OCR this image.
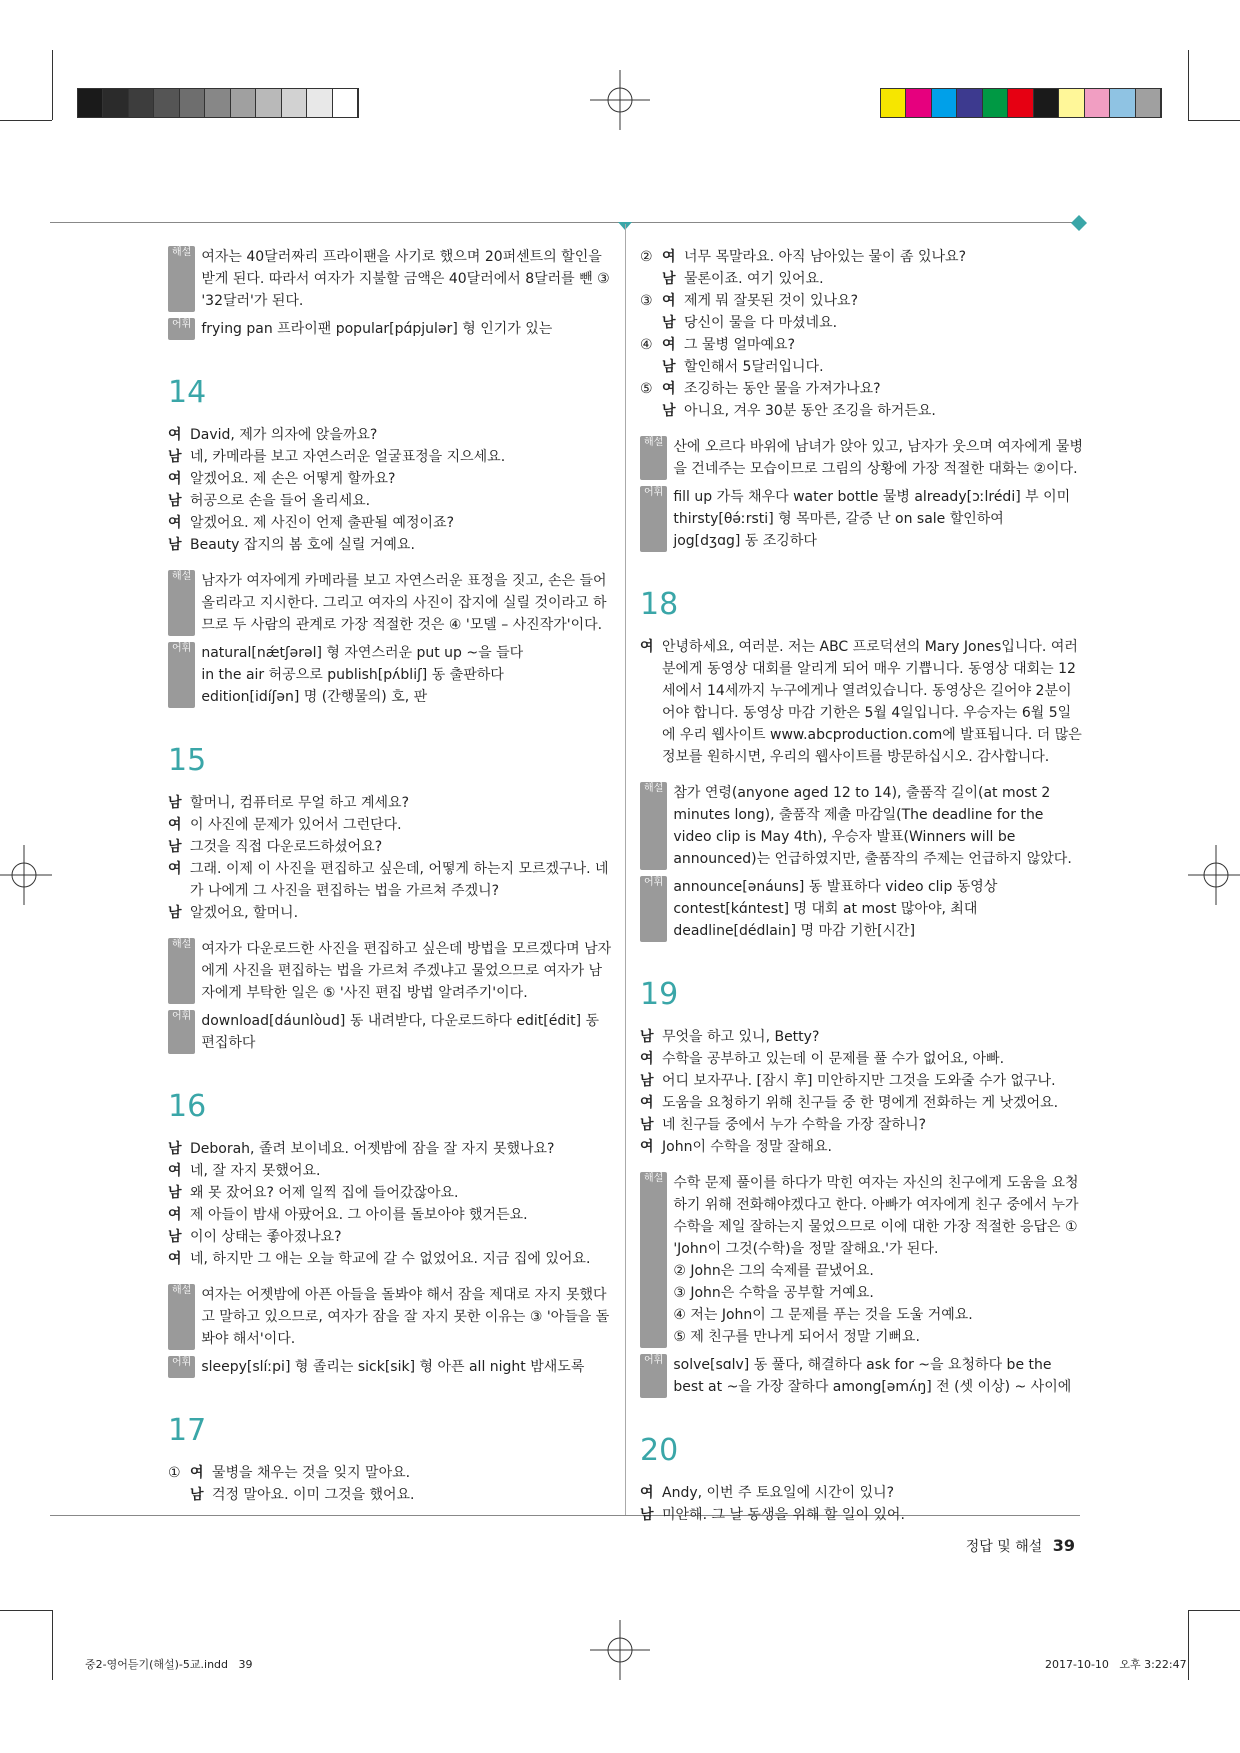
해설 여자는 40달러짜리 프라이팬을 사기로 했으며 20퍼센트의 할인을 받게 된다. 따라서 여자가 지불할 금액은 40달러에서 8달러를 뺀 ③ '32달러'가 된다.

어휘 frying pan 프라이팬 popular[pɑ́pjulər] 형 인기가 있는

14

여 David, 제가 의자에 앉을까요?
남 네, 카메라를 보고 자연스러운 얼굴표정을 지으세요.
여 알겠어요. 제 손은 어떻게 할까요?
남 허공으로 손을 들어 올리세요.
여 알겠어요. 제 사진이 언제 출판될 예정이죠?
남 Beauty 잡지의 봄 호에 실릴 거예요.
해설 남자가 여자에게 카메라를 보고 자연스러운 표정을 짓고, 손은 들어 올리라고 지시한다. 그리고 여자의 사진이 잡지에 실릴 것이라고 하므로 두 사람의 관계로 가장 적절한 것은 ④ '모델 – 사진작가'이다.

어휘 natural[nǽtʃərəl] 형 자연스러운 put up ~을 들다

in the air 허공으로 publish[pʌ́bliʃ] 동 출판하다

edition[idíʃən] 명 (간행물의) 호, 판

15

남 할머니, 컴퓨터로 무얼 하고 계세요?
여 이 사진에 문제가 있어서 그런단다.
남 그것을 직접 다운로드하셨어요?
여 그래. 이제 이 사진을 편집하고 싶은데, 어떻게 하는지 모르겠구나. 네가 나에게 그 사진을 편집하는 법을 가르쳐 주겠니?
남 알겠어요, 할머니.
해설 여자가 다운로드한 사진을 편집하고 싶은데 방법을 모르겠다며 남자에게 사진을 편집하는 법을 가르쳐 주겠냐고 물었으므로 여자가 남자에게 부탁한 일은 ⑤ '사진 편집 방법 알려주기'이다.

어휘 download[dáunlòud] 동 내려받다, 다운로드하다 edit[édit] 동

편집하다

16

남 Deborah, 졸려 보이네요. 어젯밤에 잠을 잘 자지 못했나요?
여 네, 잘 자지 못했어요.
남 왜 못 잤어요? 어제 일찍 집에 들어갔잖아요.
여 제 아들이 밤새 아팠어요. 그 아이를 돌보아야 했거든요.
남 이이 상태는 좋아졌나요?
여 네, 하지만 그 애는 오늘 학교에 갈 수 없었어요. 지금 집에 있어요.
해설 여자는 어젯밤에 아픈 아들을 돌봐야 해서 잠을 제대로 자지 못했다고 말하고 있으므로, 여자가 잠을 잘 자지 못한 이유는 ③ '아들을 돌봐야 해서'이다.

어휘 sleepy[slíːpi] 형 졸리는 sick[sik] 형 아픈 all night 밤새도록

17

① 여 물병을 채우는 것을 잊지 말아요.
남 걱정 말아요. 이미 그것을 했어요.
② 여 너무 목말라요. 아직 남아있는 물이 좀 있나요?
남 물론이죠. 여기 있어요.
③ 여 제게 뭐 잘못된 것이 있나요?
남 당신이 물을 다 마셨네요.
④ 여 그 물병 얼마예요?
남 할인해서 5달러입니다.
⑤ 여 조깅하는 동안 물을 가져가나요?
남 아니요, 겨우 30분 동안 조깅을 하거든요.
해설 산에 오르다 바위에 남녀가 앉아 있고, 남자가 웃으며 여자에게 물병을 건네주는 모습이므로 그림의 상황에 가장 적절한 대화는 ②이다.

어휘 fill up 가득 채우다 water bottle 물병 already[ɔːlrédi] 부 이미

thirsty[θə́ːrsti] 형 목마른, 갈증 난 on sale 할인하여

jog[dʒɑg] 동 조깅하다

18

여 안녕하세요, 여러분. 저는 ABC 프로덕션의 Mary Jones입니다. 여러분에게 동영상 대회를 알리게 되어 매우 기쁩니다. 동영상 대회는 12세에서 14세까지 누구에게나 열려있습니다. 동영상은 길어야 2분이어야 합니다. 동영상 마감 기한은 5월 4일입니다. 우승자는 6월 5일에 우리 웹사이트 www.abcproduction.com에 발표됩니다. 더 많은 정보를 원하시면, 우리의 웹사이트를 방문하십시오. 감사합니다.
해설 참가 연령(anyone aged 12 to 14), 출품작 길이(at most 2 minutes long), 출품작 제출 마감일(The deadline for the video clip is May 4th), 우승자 발표(Winners will be announced)는 언급하였지만, 출품작의 주제는 언급하지 않았다.

어휘 announce[ənáuns] 동 발표하다 video clip 동영상

contest[kɑ́ntest] 명 대회 at most 많아야, 최대

deadline[dédlain] 명 마감 기한[시간]

19

남 무엇을 하고 있니, Betty?
여 수학을 공부하고 있는데 이 문제를 풀 수가 없어요, 아빠.
남 어디 보자꾸나. [잠시 후] 미안하지만 그것을 도와줄 수가 없구나.
여 도움을 요청하기 위해 친구들 중 한 명에게 전화하는 게 낫겠어요.
남 네 친구들 중에서 누가 수학을 가장 잘하니?
여 John이 수학을 정말 잘해요.
해설 수학 문제 풀이를 하다가 막힌 여자는 자신의 친구에게 도움을 요청하기 위해 전화해야겠다고 한다. 아빠가 여자에게 친구 중에서 누가 수학을 제일 잘하는지 물었으므로 이에 대한 가장 적절한 응답은 ① 'John이 그것(수학)을 정말 잘해요.'가 된다.

② John은 그의 숙제를 끝냈어요.

③ John은 수학을 공부할 거예요.

④ 저는 John이 그 문제를 푸는 것을 도울 거예요.

⑤ 제 친구를 만나게 되어서 정말 기뻐요.

어휘 solve[sɑlv] 동 풀다, 해결하다 ask for ~을 요청하다 be the

best at ~을 가장 잘하다 among[əmʌ́ŋ] 전 (셋 이상) ~ 사이에

20

여 Andy, 이번 주 토요일에 시간이 있니?
남 미안해. 그 날 동생을 위해 할 일이 있어.
정답 및 해설 39
중2-영어듣기(해설)-5교.indd   39	2017-10-10   오후 3:22:47
